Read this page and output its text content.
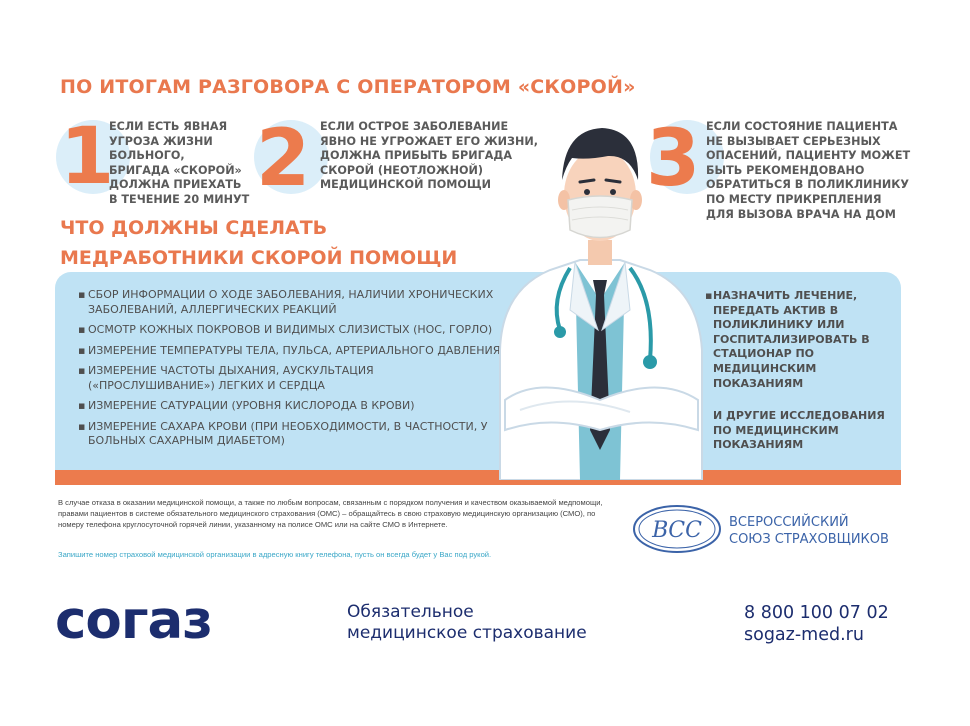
ПО ИТОГАМ РАЗГОВОРА С ОПЕРАТОРОМ «СКОРОЙ»
1
ЕСЛИ ЕСТЬ ЯВНАЯ
УГРОЗА ЖИЗНИ
БОЛЬНОГО,
БРИГАДА «СКОРОЙ»
ДОЛЖНА ПРИЕХАТЬ
В ТЕЧЕНИЕ 20 МИНУТ 2 ЕСЛИ ОСТРОЕ ЗАБОЛЕВАНИЕ
ЯВНО НЕ УГРОЖАЕТ ЕГО ЖИЗНИ,
ДОЛЖНА ПРИБЫТЬ БРИГАДА
СКОРОЙ (НЕОТЛОЖНОЙ)
МЕДИЦИНСКОЙ ПОМОЩИ	3 ЕСЛИ СОСТОЯНИЕ ПАЦИЕНТА
НЕ ВЫЗЫВАЕТ СЕРЬЕЗНЫХ
ОПАСЕНИЙ, ПАЦИЕНТУ МОЖЕТ
БЫТЬ РЕКОМЕНДОВАНО
ОБРАТИТЬСЯ В ПОЛИКЛИНИКУ
ПО МЕСТУ ПРИКРЕПЛЕНИЯ
ДЛЯ ВЫЗОВА ВРАЧА НА ДОМ
ЧТО ДОЛЖНЫ СДЕЛАТЬ
МЕДРАБОТНИКИ СКОРОЙ ПОМОЩИ
▪ СБОР ИНФОРМАЦИИ О ХОДЕ ЗАБОЛЕВАНИЯ, НАЛИЧИИ ХРОНИЧЕСКИХ ЗАБОЛЕВАНИЙ, АЛЛЕРГИЧЕСКИХ РЕАКЦИЙ
▪ ОСМОТР КОЖНЫХ ПОКРОВОВ И ВИДИМЫХ СЛИЗИСТЫХ (НОС, ГОРЛО)
▪ ИЗМЕРЕНИЕ ТЕМПЕРАТУРЫ ТЕЛА, ПУЛЬСА, АРТЕРИАЛЬНОГО ДАВЛЕНИЯ
▪ ИЗМЕРЕНИЕ ЧАСТОТЫ ДЫХАНИЯ, АУСКУЛЬТАЦИЯ («ПРОСЛУШИВАНИЕ») ЛЕГКИХ И СЕРДЦА
▪ ИЗМЕРЕНИЕ САТУРАЦИИ (УРОВНЯ КИСЛОРОДА В КРОВИ)
▪ ИЗМЕРЕНИЕ САХАРА КРОВИ (ПРИ НЕОБХОДИМОСТИ, В ЧАСТНОСТИ, У БОЛЬНЫХ САХАРНЫМ ДИАБЕТОМ)
▪ НАЗНАЧИТЬ ЛЕЧЕНИЕ, ПЕРЕДАТЬ АКТИВ В ПОЛИКЛИНИКУ ИЛИ ГОСПИТАЛИЗИРОВАТЬ В СТАЦИОНАР ПО МЕДИЦИНСКИМ ПОКАЗАНИЯМ
И ДРУГИЕ ИССЛЕДОВАНИЯ ПО МЕДИЦИНСКИМ ПОКАЗАНИЯМ
В случае отказа в оказании медицинской помощи, а также по любым вопросам, связанным с порядком получения и качеством оказываемой медпомощи, правами пациентов в системе обязательного медицинского страхования (ОМС) – обращайтесь в свою страховую медицинскую организацию (СМО), по номеру телефона круглосуточной горячей линии, указанному на полисе ОМС или на сайте СМО в Интернете.
Запишите номер страховой медицинской организации в адресную книгу телефона, пусть он всегда будет у Вас под рукой.
ВСС ВСЕРОССИЙСКИЙ
СОЮЗ СТРАХОВЩИКОВ
согаз	Обязательное
медицинское страхование
8 800 100 07 02
sogaz-med.ru
